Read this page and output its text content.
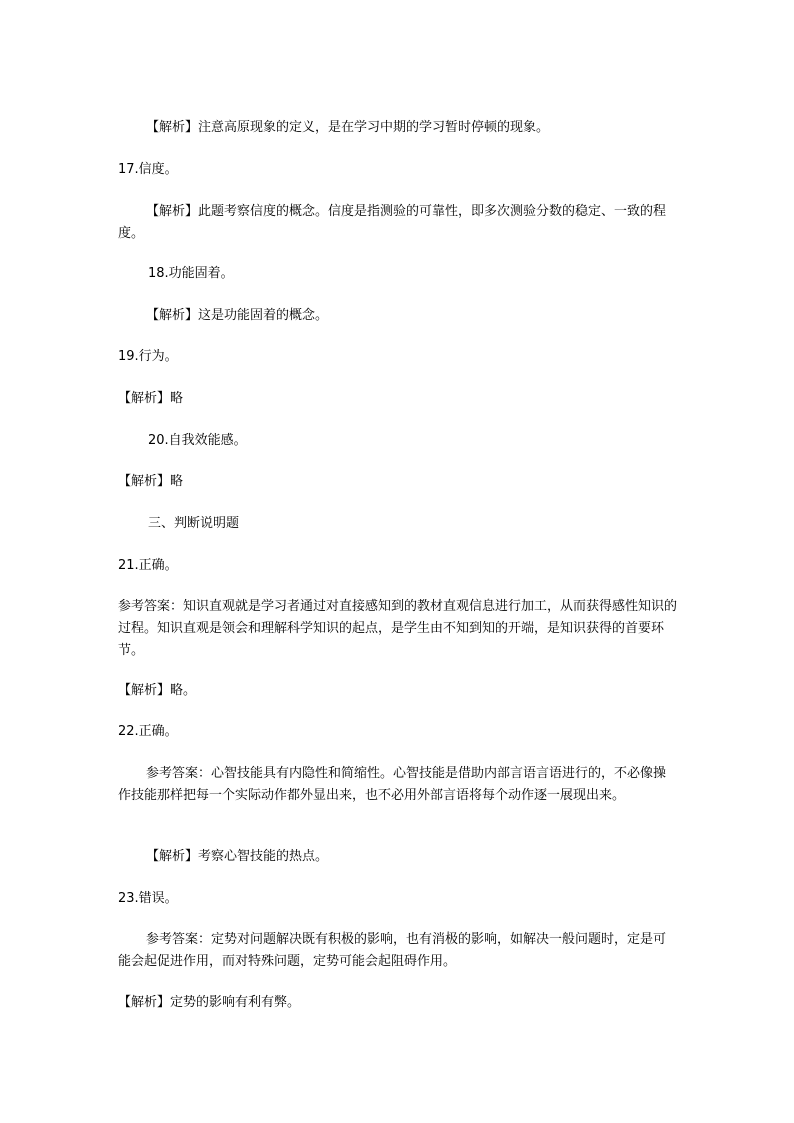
【解析】注意高原现象的定义，是在学习中期的学习暂时停顿的现象。

17.信度。

【解析】此题考察信度的概念。信度是指测验的可靠性，即多次测验分数的稳定、一致的程度。

18.功能固着。

【解析】这是功能固着的概念。

19.行为。

【解析】略

20.自我效能感。

【解析】略

三、判断说明题

21.正确。

参考答案：知识直观就是学习者通过对直接感知到的教材直观信息进行加工，从而获得感性知识的过程。知识直观是领会和理解科学知识的起点，是学生由不知到知的开端，是知识获得的首要环节。

【解析】略。

22.正确。

参考答案：心智技能具有内隐性和简缩性。心智技能是借助内部言语言语进行的，不必像操作技能那样把每一个实际动作都外显出来，也不必用外部言语将每个动作逐一展现出来。

【解析】考察心智技能的热点。

23.错误。

参考答案：定势对问题解决既有积极的影响，也有消极的影响，如解决一般问题时，定是可能会起促进作用，而对特殊问题，定势可能会起阻碍作用。

【解析】定势的影响有利有弊。
